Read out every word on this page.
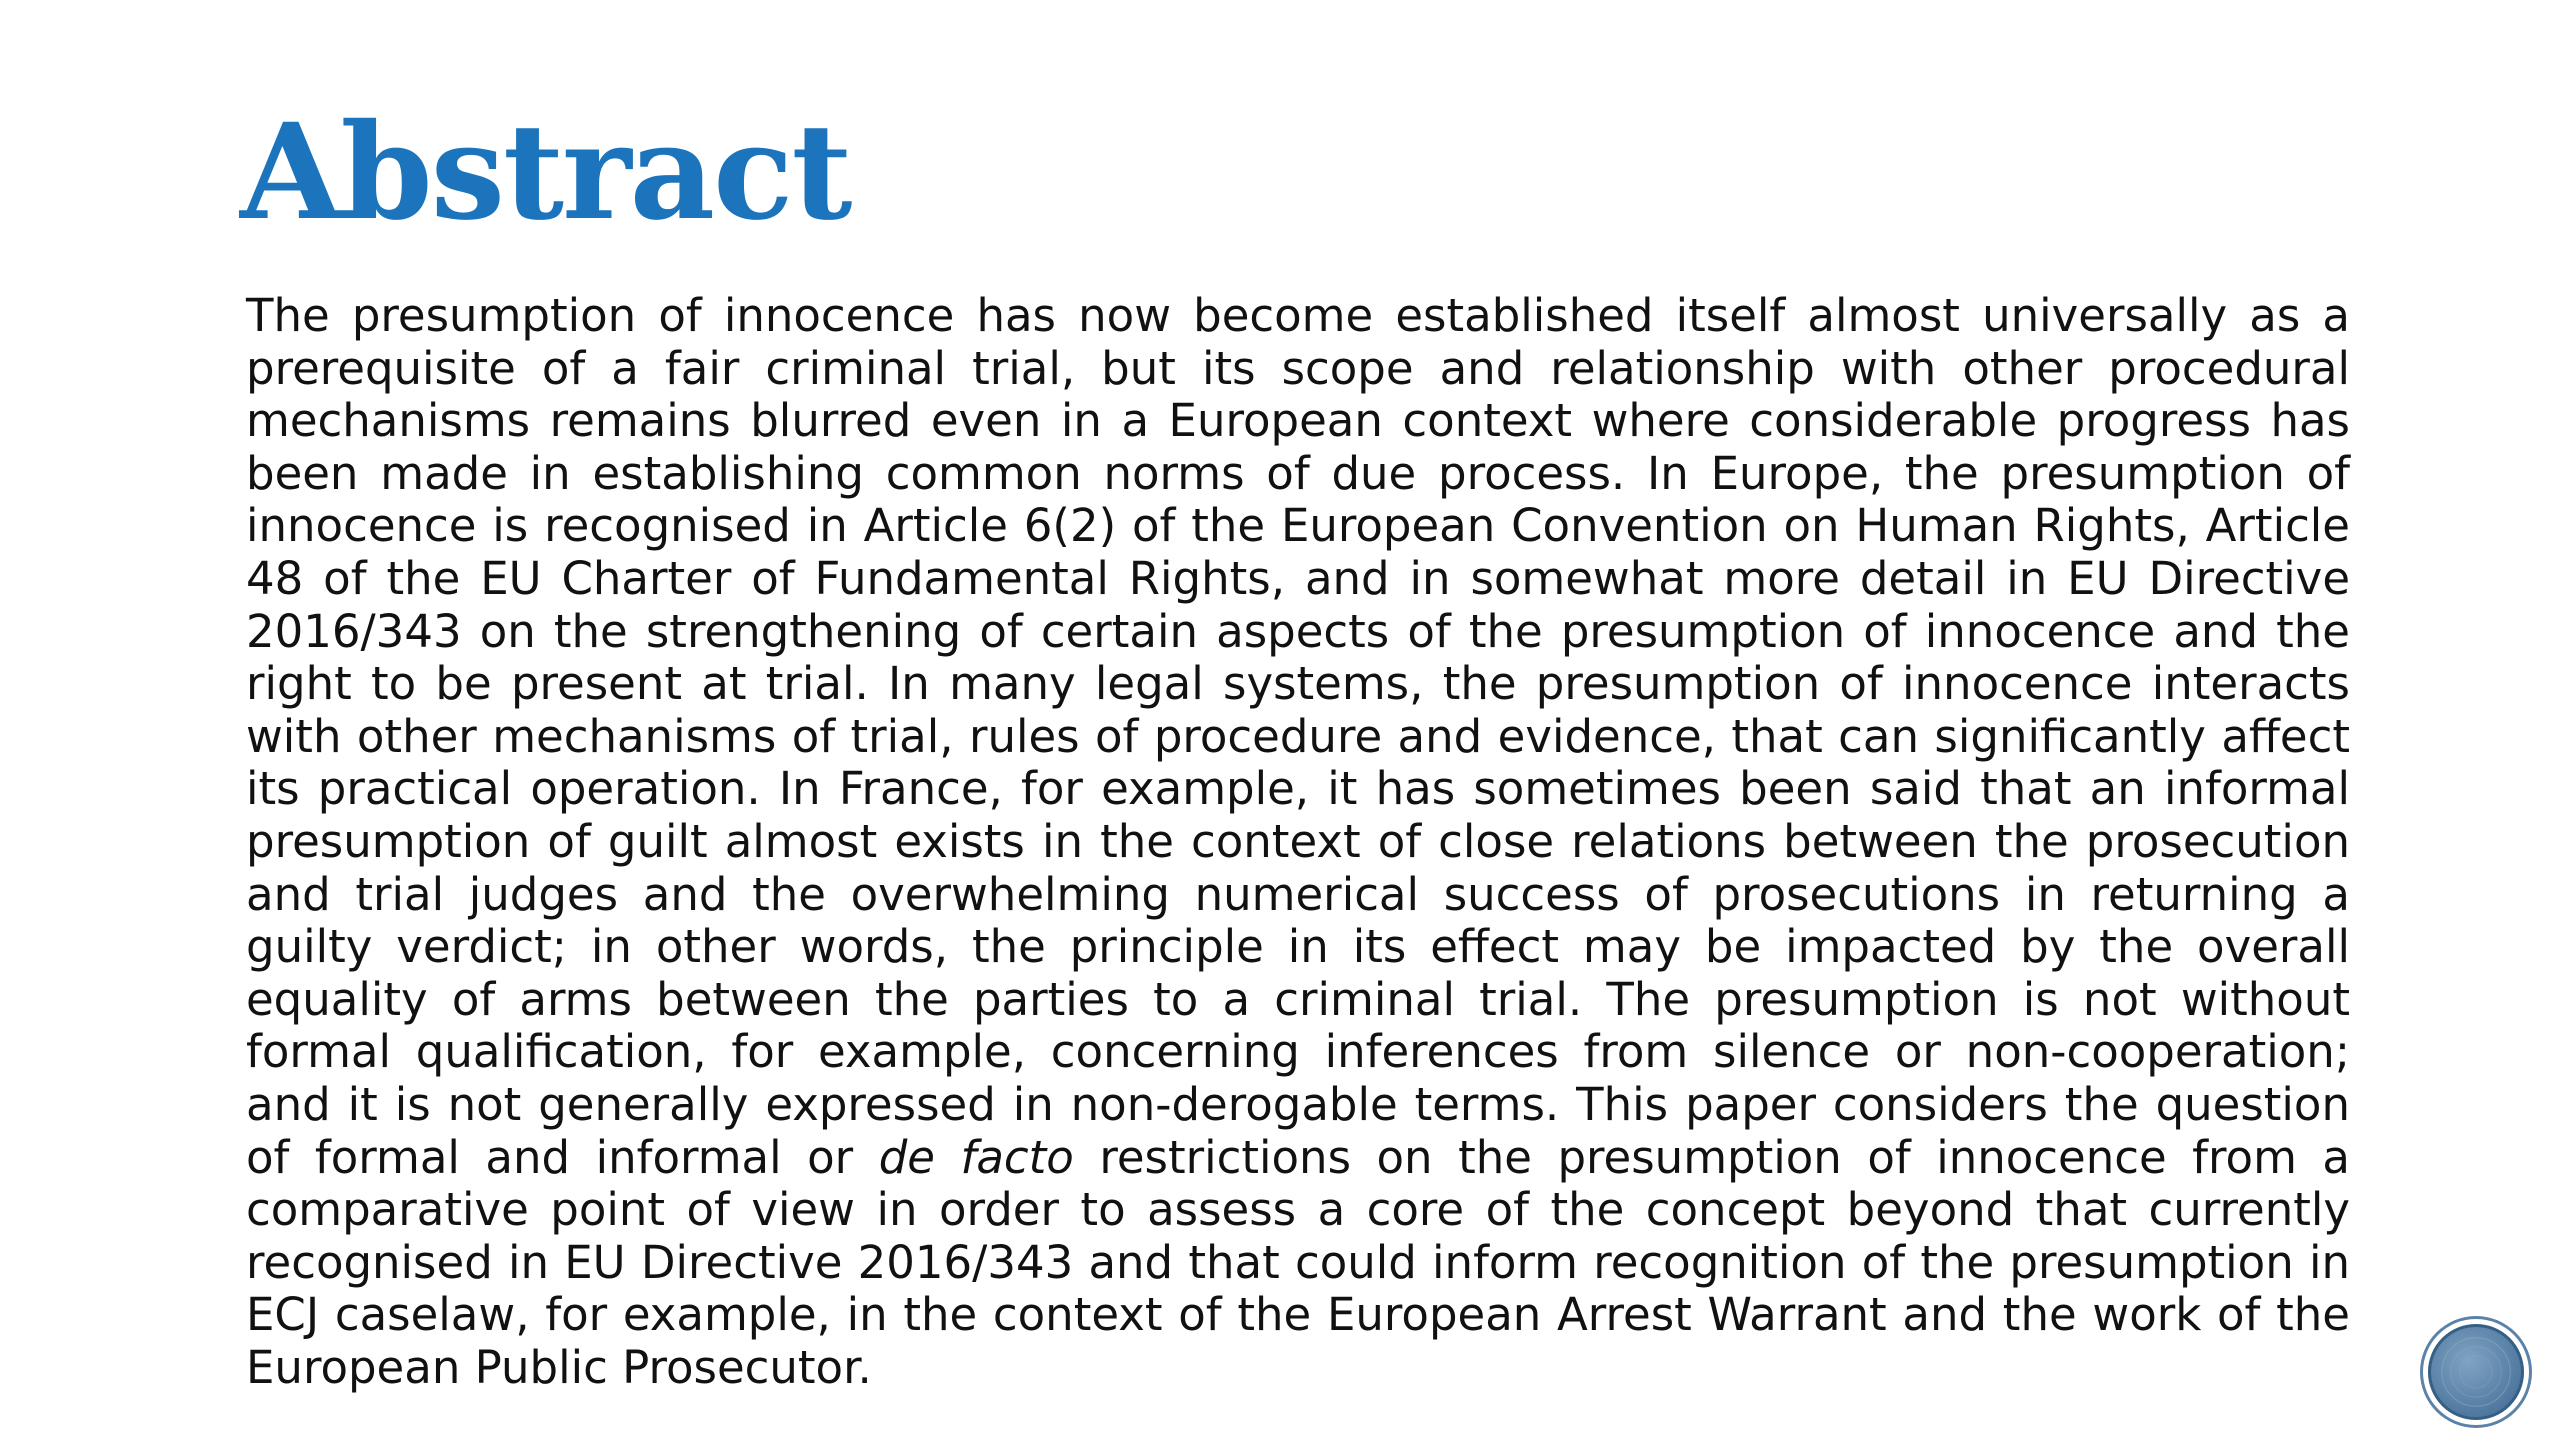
Abstract

The presumption of innocence has now become established itself almost universally as a prerequisite of a fair criminal trial, but its scope and relationship with other procedural mechanisms remains blurred even in a European context where considerable progress has been made in establishing common norms of due process. In Europe, the presumption of innocence is recognised in Article 6(2) of the European Convention on Human Rights, Article 48 of the EU Charter of Fundamental Rights, and in somewhat more detail in EU Directive 2016/343 on the strengthening of certain aspects of the presumption of innocence and the right to be present at trial. In many legal systems, the presumption of innocence interacts with other mechanisms of trial, rules of procedure and evidence, that can significantly affect its practical operation. In France, for example, it has sometimes been said that an informal presumption of guilt almost exists in the context of close relations between the prosecution and trial judges and the overwhelming numerical success of prosecutions in returning a guilty verdict; in other words, the principle in its effect may be impacted by the overall equality of arms between the parties to a criminal trial. The presumption is not without formal qualification, for example, concerning inferences from silence or non-cooperation; and it is not generally expressed in non-derogable terms. This paper considers the question of formal and informal or de facto restrictions on the presumption of innocence from a comparative point of view in order to assess a core of the concept beyond that currently recognised in EU Directive 2016/343 and that could inform recognition of the presumption in ECJ caselaw, for example, in the context of the European Arrest Warrant and the work of the European Public Prosecutor.
